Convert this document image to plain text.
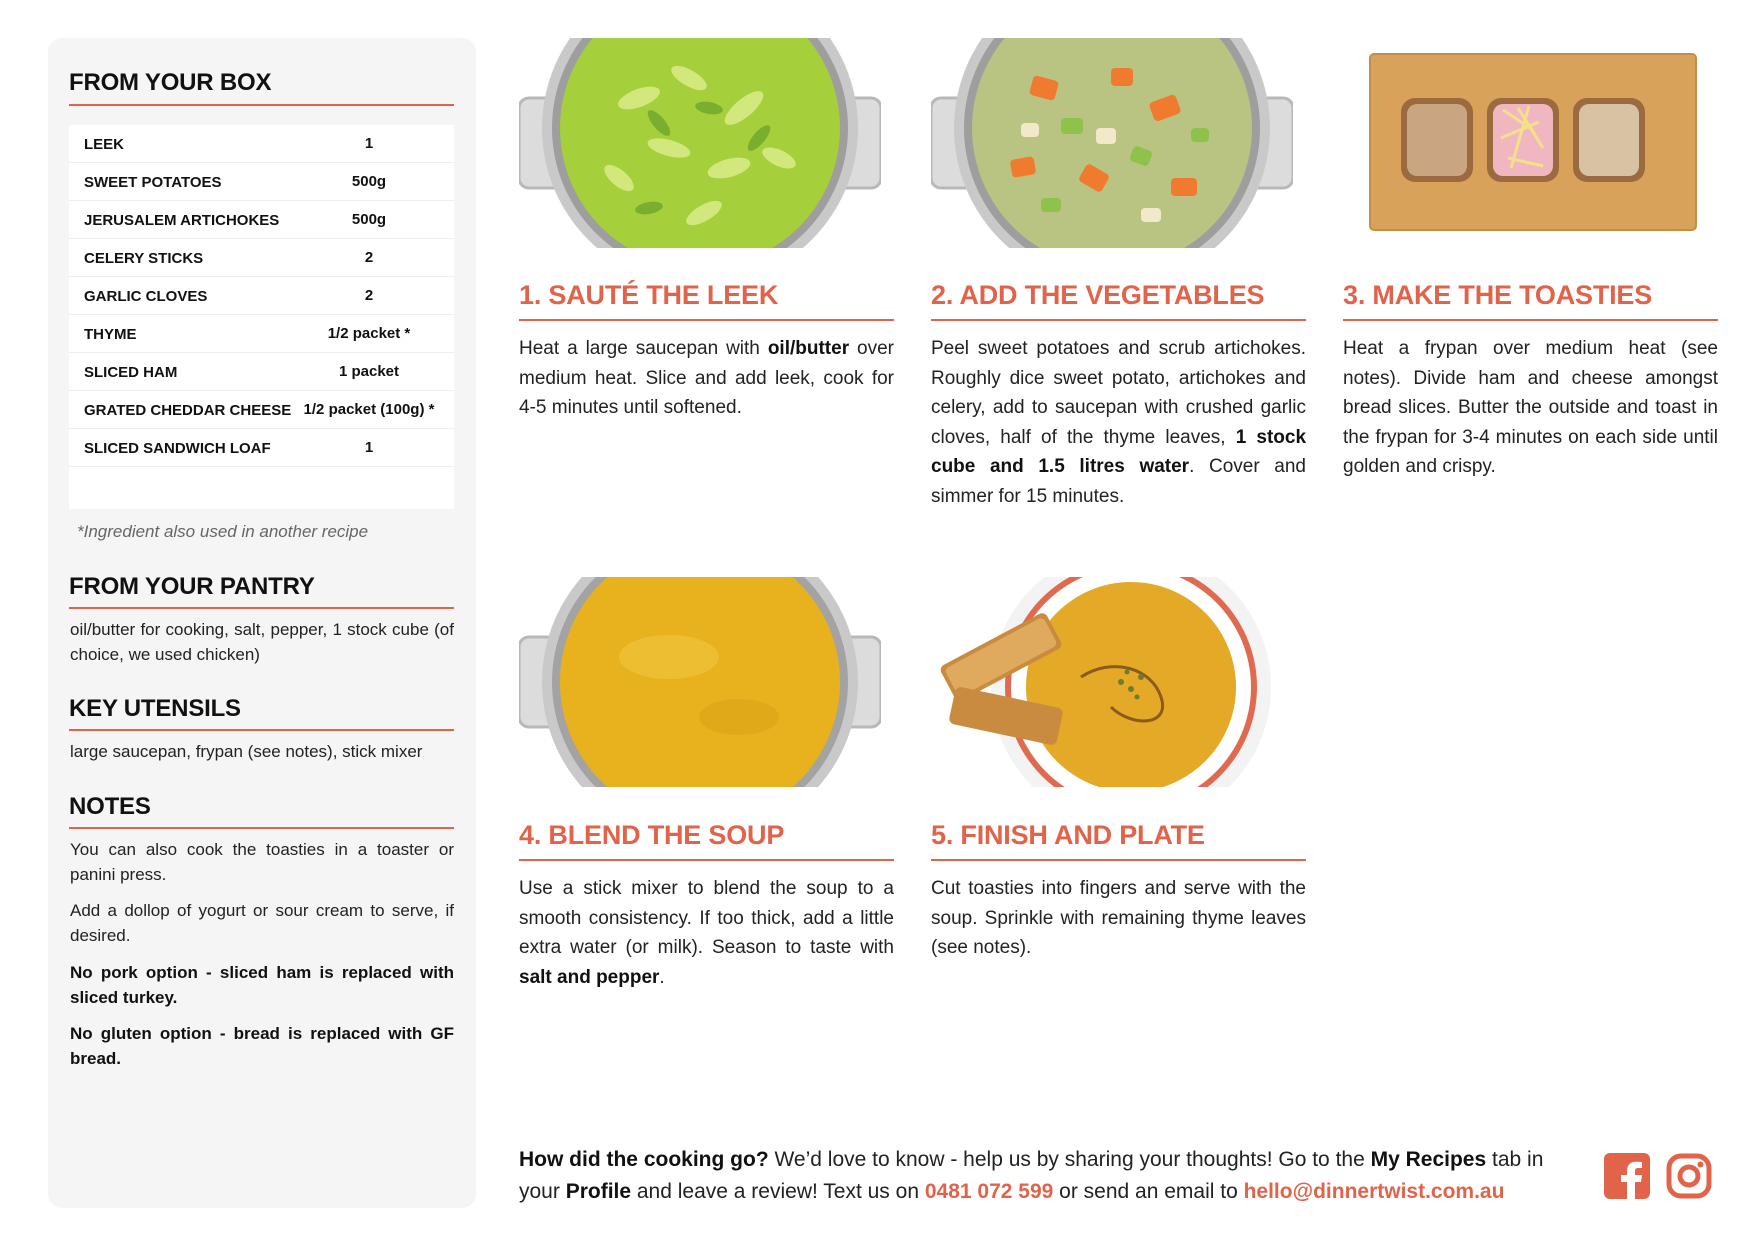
FROM YOUR BOX
LEEK	1
SWEET POTATOES	500g
JERUSALEM ARTICHOKES	500g
CELERY STICKS	2
GARLIC CLOVES	2
THYME	1/2 packet *
SLICED HAM	1 packet
GRATED CHEDDAR CHEESE 1/2 packet (100g) *
SLICED SANDWICH LOAF	1
*Ingredient also used in another recipe
FROM YOUR PANTRY
oil/butter for cooking, salt, pepper, 1 stock cube (of choice, we used chicken)
KEY UTENSILS
large saucepan, frypan (see notes), stick mixer
NOTES
You can also cook the toasties in a toaster or panini press.
Add a dollop of yogurt or sour cream to serve, if desired.
No pork option - sliced ham is replaced with sliced turkey.
No gluten option - bread is replaced with GF bread.
1. SAUTÉ THE LEEK
Heat a large saucepan with oil/butter over medium heat. Slice and add leek, cook for 4-5 minutes until softened.
2. ADD THE VEGETABLES
Peel sweet potatoes and scrub artichokes. Roughly dice sweet potato, artichokes and celery, add to saucepan with crushed garlic cloves, half of the thyme leaves, 1 stock cube and 1.5 litres water. Cover and simmer for 15 minutes.
3. MAKE THE TOASTIES
Heat a frypan over medium heat (see notes). Divide ham and cheese amongst bread slices. Butter the outside and toast in the frypan for 3-4 minutes on each side until golden and crispy.
4. BLEND THE SOUP
Use a stick mixer to blend the soup to a smooth consistency. If too thick, add a little extra water (or milk). Season to taste with salt and pepper.
5. FINISH AND PLATE
Cut toasties into fingers and serve with the soup. Sprinkle with remaining thyme leaves (see notes).
How did the cooking go? We’d love to know - help us by sharing your thoughts! Go to the My Recipes tab in your Profile and leave a review! Text us on 0481 072 599 or send an email to hello@dinnertwist.com.au
